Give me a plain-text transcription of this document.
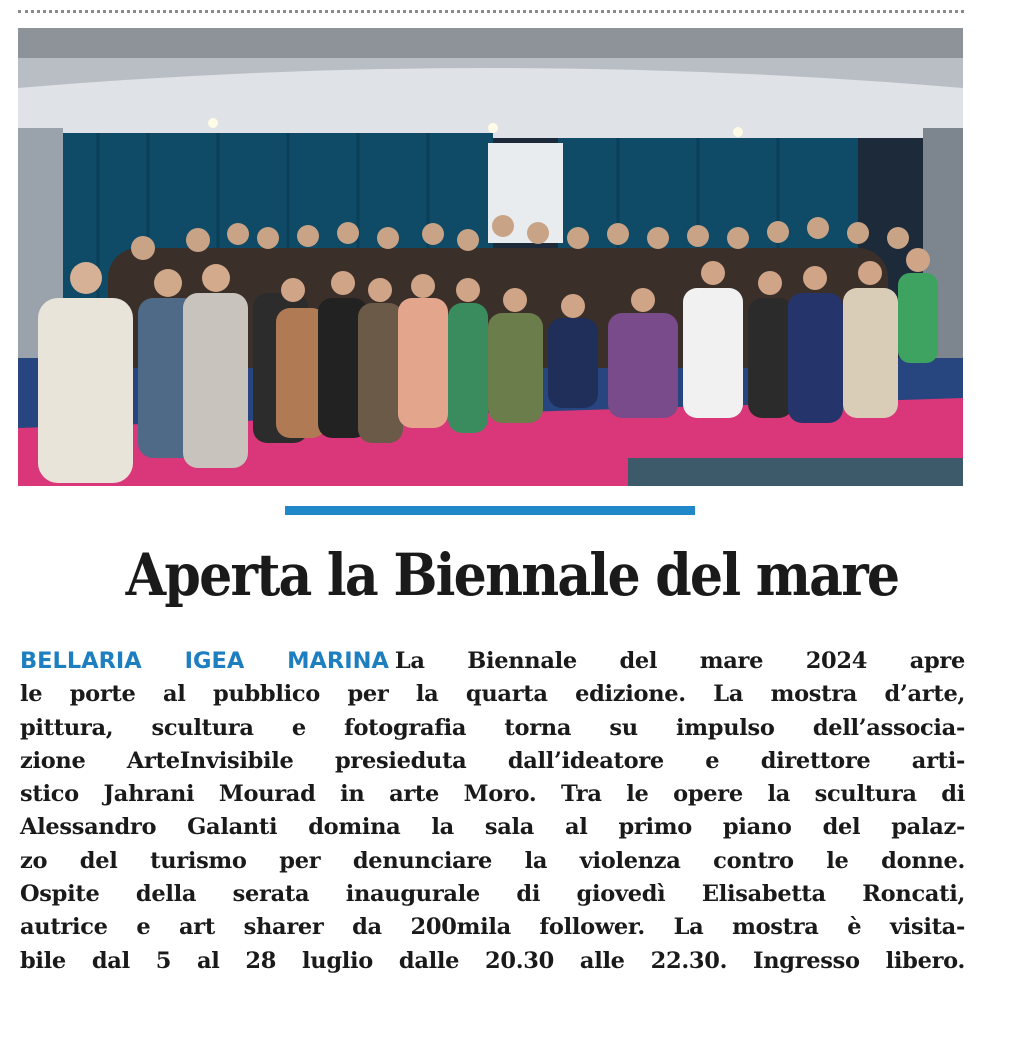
Aperta la Biennale del mare
BELLARIA IGEA MARINA La Biennale del mare 2024 apre
le porte al pubblico per la quarta edizione. La mostra d’arte,
pittura, scultura e fotografia torna su impulso dell’associa-
zione ArteInvisibile presieduta dall’ideatore e direttore arti-
stico Jahrani Mourad in arte Moro. Tra le opere la scultura di
Alessandro Galanti domina la sala al primo piano del palaz-
zo del turismo per denunciare la violenza contro le donne.
Ospite della serata inaugurale di giovedì Elisabetta Roncati,
autrice e art sharer da 200mila follower. La mostra è visita-
bile dal 5 al 28 luglio dalle 20.30 alle 22.30. Ingresso libero.
